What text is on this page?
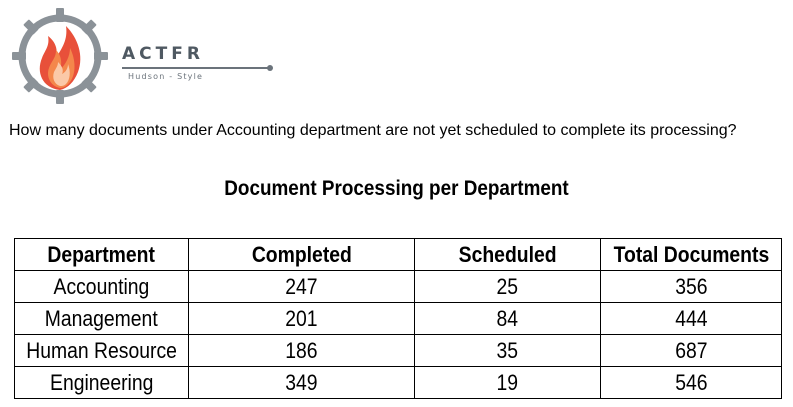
ACTFR
Hudson - Style
How many documents under Accounting department are not yet scheduled to complete its processing?
Document Processing per Department
Department	Completed	Scheduled	Total Documents
Accounting	247	25	356
Management	201	84	444
Human Resource	186	35	687
Engineering	349	19	546
